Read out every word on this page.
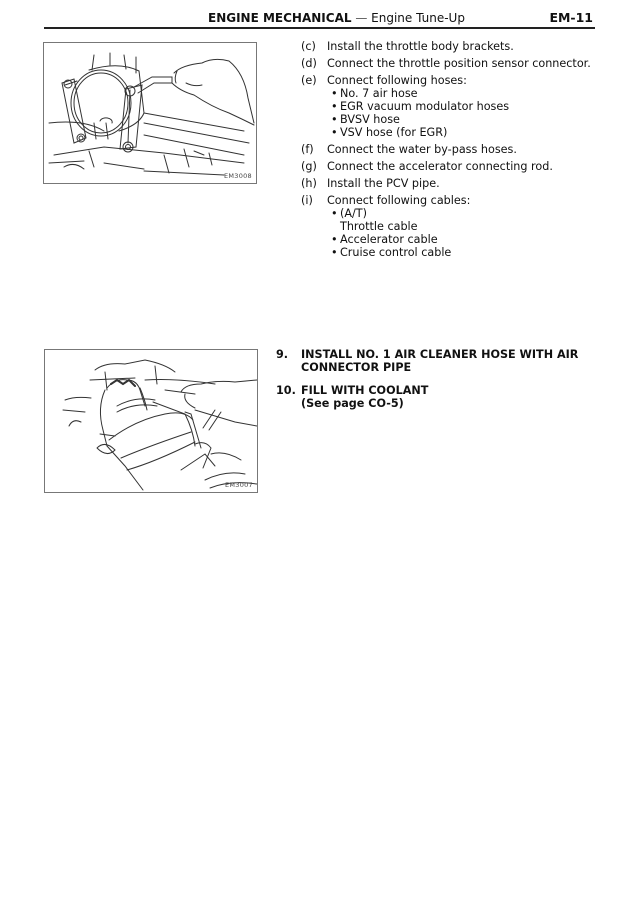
ENGINE MECHANICAL — Engine Tune-Up	EM-11
EM3008
EM3007
(c) Install the throttle body brackets.
(d) Connect the throttle position sensor connector.
(e) Connect following hoses:
• No. 7 air hose
• EGR vacuum modulator hoses
• BVSV hose
• VSV hose (for EGR)
(f)	Connect the water by-pass hoses.
(g) Connect the accelerator connecting rod.
(h) Install the PCV pipe.
(i)	Connect following cables:
• (A/T)
Throttle cable
• Accelerator cable
• Cruise control cable
9.	INSTALL NO. 1 AIR CLEANER HOSE WITH AIR
CONNECTOR PIPE
10. FILL WITH COOLANT
(See page CO-5)
